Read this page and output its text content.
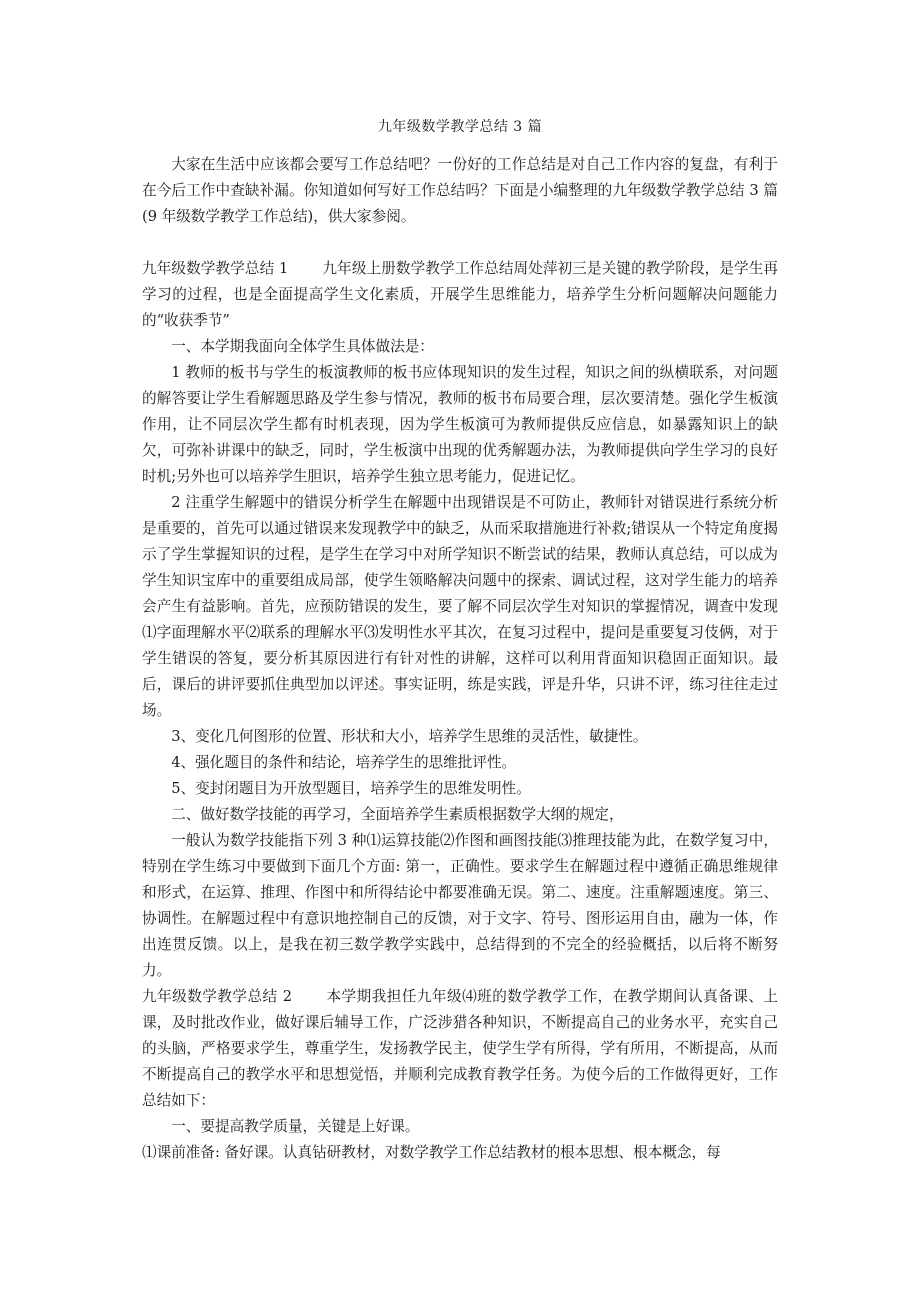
九年级数学教学总结 3 篇

大家在生活中应该都会要写工作总结吧？一份好的工作总结是对自己工作内容的复盘，有利于在今后工作中查缺补漏。你知道如何写好工作总结吗？下面是小编整理的九年级数学教学总结 3 篇(9 年级数学教学工作总结)，供大家参阅。

九年级数学教学总结 1 九年级上册数学教学工作总结周处萍初三是关键的教学阶段，是学生再学习的过程，也是全面提高学生文化素质，开展学生思维能力，培养学生分析问题解决问题能力的“收获季节”

一、本学期我面向全体学生具体做法是：

1 教师的板书与学生的板演教师的板书应体现知识的发生过程，知识之间的纵横联系，对问题的解答要让学生看解题思路及学生参与情况，教师的板书布局要合理，层次要清楚。强化学生板演作用，让不同层次学生都有时机表现，因为学生板演可为教师提供反应信息，如暴露知识上的缺欠，可弥补讲课中的缺乏，同时，学生板演中出现的优秀解题办法，为教师提供向学生学习的良好时机;另外也可以培养学生胆识，培养学生独立思考能力，促进记忆。

2 注重学生解题中的错误分析学生在解题中出现错误是不可防止，教师针对错误进行系统分析是重要的，首先可以通过错误来发现教学中的缺乏，从而采取措施进行补救;错误从一个特定角度揭示了学生掌握知识的过程，是学生在学习中对所学知识不断尝试的结果，教师认真总结，可以成为学生知识宝库中的重要组成局部，使学生领略解决问题中的探索、调试过程，这对学生能力的培养会产生有益影响。首先，应预防错误的发生，要了解不同层次学生对知识的掌握情况，调查中发现 ⑴字面理解水平⑵联系的理解水平⑶发明性水平其次，在复习过程中，提问是重要复习伎俩，对于学生错误的答复，要分析其原因进行有针对性的讲解，这样可以利用背面知识稳固正面知识。最后，课后的讲评要抓住典型加以评述。事实证明，练是实践，评是升华，只讲不评，练习往往走过场。

3、变化几何图形的位置、形状和大小，培养学生思维的灵活性，敏捷性。

4、强化题目的条件和结论，培养学生的思维批评性。

5、变封闭题目为开放型题目，培养学生的思维发明性。

二、做好数学技能的再学习，全面培养学生素质根据数学大纲的规定，

一般认为数学技能指下列 3 种⑴运算技能⑵作图和画图技能⑶推理技能为此，在数学复习中，特别在学生练习中要做到下面几个方面: 第一，正确性。要求学生在解题过程中遵循正确思维规律和形式，在运算、推理、作图中和所得结论中都要准确无误。第二、速度。注重解题速度。第三、协调性。在解题过程中有意识地控制自己的反馈，对于文字、符号、图形运用自由，融为一体，作出连贯反馈。以上，是我在初三数学教学实践中，总结得到的不完全的经验概括，以后将不断努力。

九年级数学教学总结 2 本学期我担任九年级⑷班的数学教学工作，在教学期间认真备课、上课，及时批改作业，做好课后辅导工作，广泛涉猎各种知识，不断提高自己的业务水平，充实自己的头脑，严格要求学生，尊重学生，发扬教学民主，使学生学有所得，学有所用，不断提高，从而不断提高自己的教学水平和思想觉悟，并顺利完成教育教学任务。为使今后的工作做得更好，工作总结如下：

一、要提高教学质量，关键是上好课。

⑴课前准备: 备好课。认真钻研教材，对数学教学工作总结教材的根本思想、根本概念，每
